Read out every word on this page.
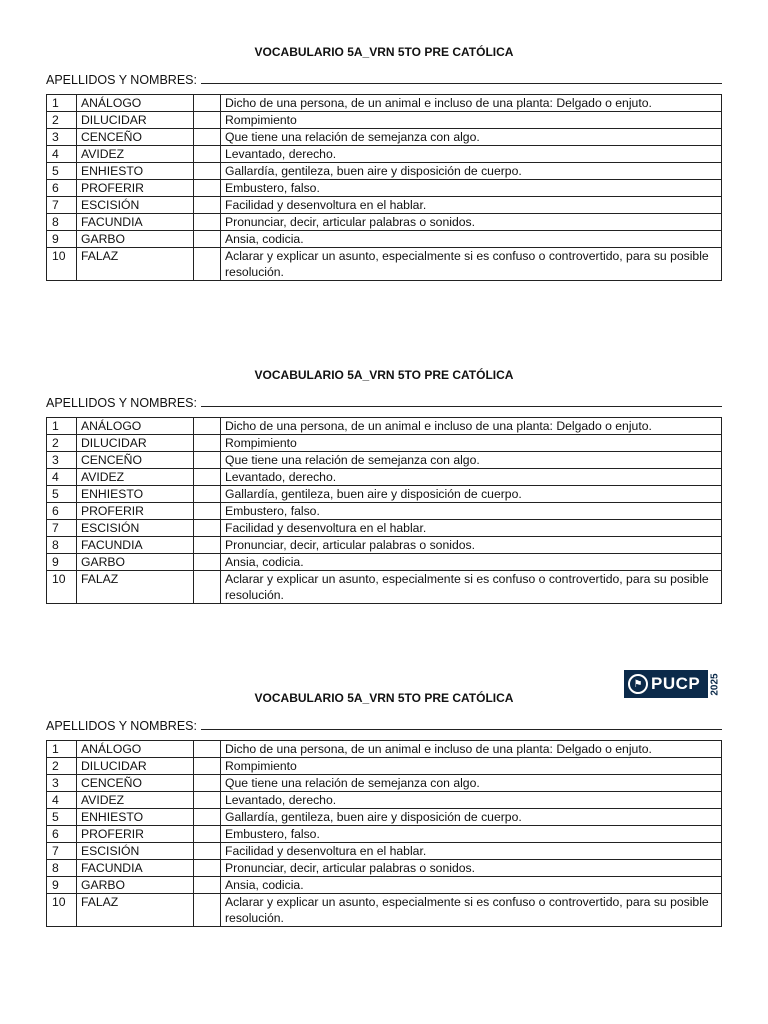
VOCABULARIO 5A_VRN 5TO PRE CATÓLICA

APELLIDOS Y NOMBRES:
1	ANÁLOGO		Dicho de una persona, de un animal e incluso de una planta: Delgado o enjuto.
2	DILUCIDAR		Rompimiento
3	CENCEÑO		Que tiene una relación de semejanza con algo.
4	AVIDEZ		Levantado, derecho.
5	ENHIESTO		Gallardía, gentileza, buen aire y disposición de cuerpo.
6	PROFERIR		Embustero, falso.
7	ESCISIÓN		Facilidad y desenvoltura en el hablar.
8	FACUNDIA		Pronunciar, decir, articular palabras o sonidos.
9	GARBO		Ansia, codicia.
10	FALAZ		Aclarar y explicar un asunto, especialmente si es confuso o controvertido, para su posible resolución.

VOCABULARIO 5A_VRN 5TO PRE CATÓLICA

APELLIDOS Y NOMBRES:
1	ANÁLOGO		Dicho de una persona, de un animal e incluso de una planta: Delgado o enjuto.
2	DILUCIDAR		Rompimiento
3	CENCEÑO		Que tiene una relación de semejanza con algo.
4	AVIDEZ		Levantado, derecho.
5	ENHIESTO		Gallardía, gentileza, buen aire y disposición de cuerpo.
6	PROFERIR		Embustero, falso.
7	ESCISIÓN		Facilidad y desenvoltura en el hablar.
8	FACUNDIA		Pronunciar, decir, articular palabras o sonidos.
9	GARBO		Ansia, codicia.
10	FALAZ		Aclarar y explicar un asunto, especialmente si es confuso o controvertido, para su posible resolución.
⚑ PUCP 2025

VOCABULARIO 5A_VRN 5TO PRE CATÓLICA

APELLIDOS Y NOMBRES:
1	ANÁLOGO		Dicho de una persona, de un animal e incluso de una planta: Delgado o enjuto.
2	DILUCIDAR		Rompimiento
3	CENCEÑO		Que tiene una relación de semejanza con algo.
4	AVIDEZ		Levantado, derecho.
5	ENHIESTO		Gallardía, gentileza, buen aire y disposición de cuerpo.
6	PROFERIR		Embustero, falso.
7	ESCISIÓN		Facilidad y desenvoltura en el hablar.
8	FACUNDIA		Pronunciar, decir, articular palabras o sonidos.
9	GARBO		Ansia, codicia.
10	FALAZ		Aclarar y explicar un asunto, especialmente si es confuso o controvertido, para su posible resolución.
